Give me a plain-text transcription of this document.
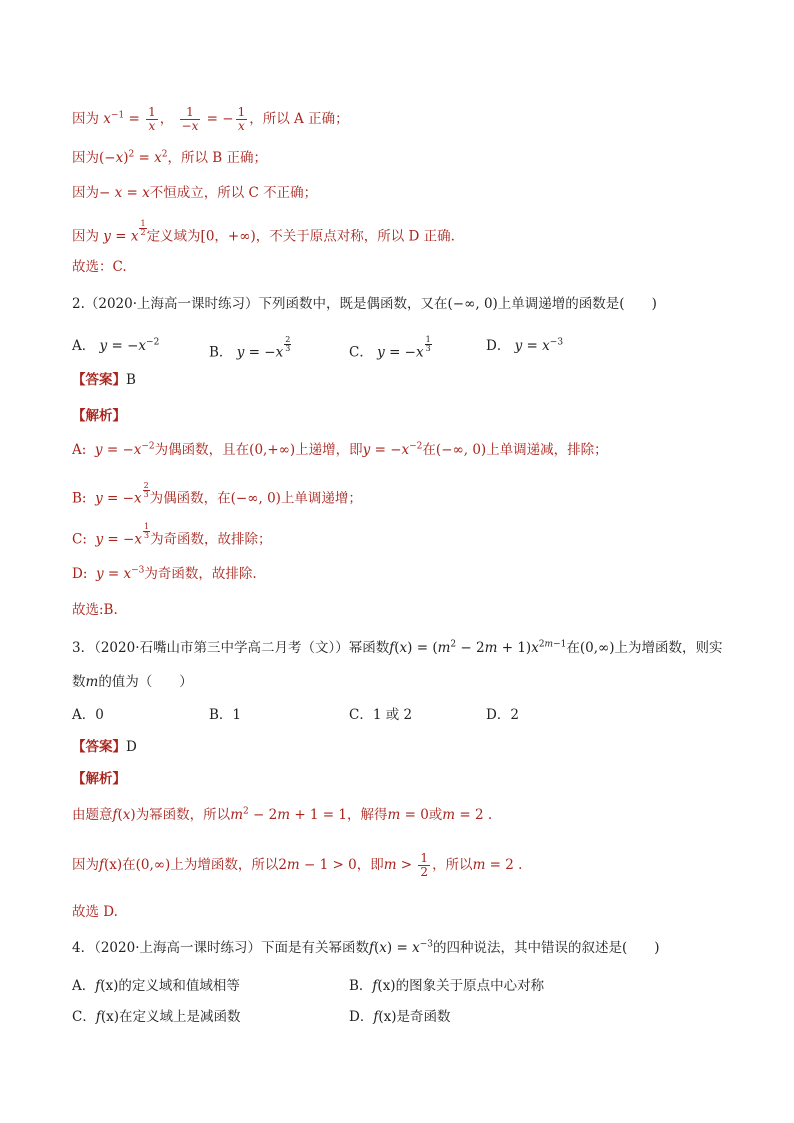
因为 $x^{-1} = \frac{1}{x}$ ， $\frac{1}{-x}$ = − $\frac{1}{x}$ ，所以 A 正确；
因为$(-x)^2 = x^2$，所以 B 正确；
因为− x = x不恒成立，所以 C 不正确；
因为 y = x $\frac{1}{2}$ 定义域为[0，+∞)，不关于原点对称，所以 D 正确.
故选：C.
2.（2020·上海高一课时练习）下列函数中，既是偶函数，又在(−∞, 0)上单调递增的函数是(　　)
A． $y = -x^{-2}$
B． $y = -x \frac{2}{3}$	C． $y = -x \frac{1}{3}$	D． $y = x^{-3}$
【答案】B
【解析】
A: $y = -x^{-2}$为偶函数，且在(0,+∞)上递增，即$y = -x^{-2}$在(−∞, 0)上单调递减，排除；
B: $y = -x \frac{2}{3}$ 为偶函数，在(−∞, 0)上单调递增；
C: $y = -x \frac{1}{3}$ 为奇函数，故排除；
D: $y = x^{-3}$为奇函数，故排除.
故选:B.
3．（2020·石嘴山市第三中学高二月考（文））幂函数$f(x) = (m^2 - 2m + 1)x^{2m-1}$在(0,∞)上为增函数，则实
数m的值为（　　）
A．0	B．1	C．1 或 2	D．2
【答案】D
【解析】
由题意f(x)为幂函数，所以$m^2 - 2m + 1 = 1$，解得m = 0或m = 2 .
因为f(x)在(0,∞)上为增函数，所以2m − 1 > 0，即$m > \frac{1}{2}$ ，所以m = 2 .
故选 D.
4．（2020·上海高一课时练习）下面是有关幂函数$f(x) = x^{-3}$的四种说法，其中错误的叙述是(　　)
A．f(x)的定义域和值域相等	B．f(x)的图象关于原点中心对称
C．f(x)在定义域上是减函数	D．f(x)是奇函数
